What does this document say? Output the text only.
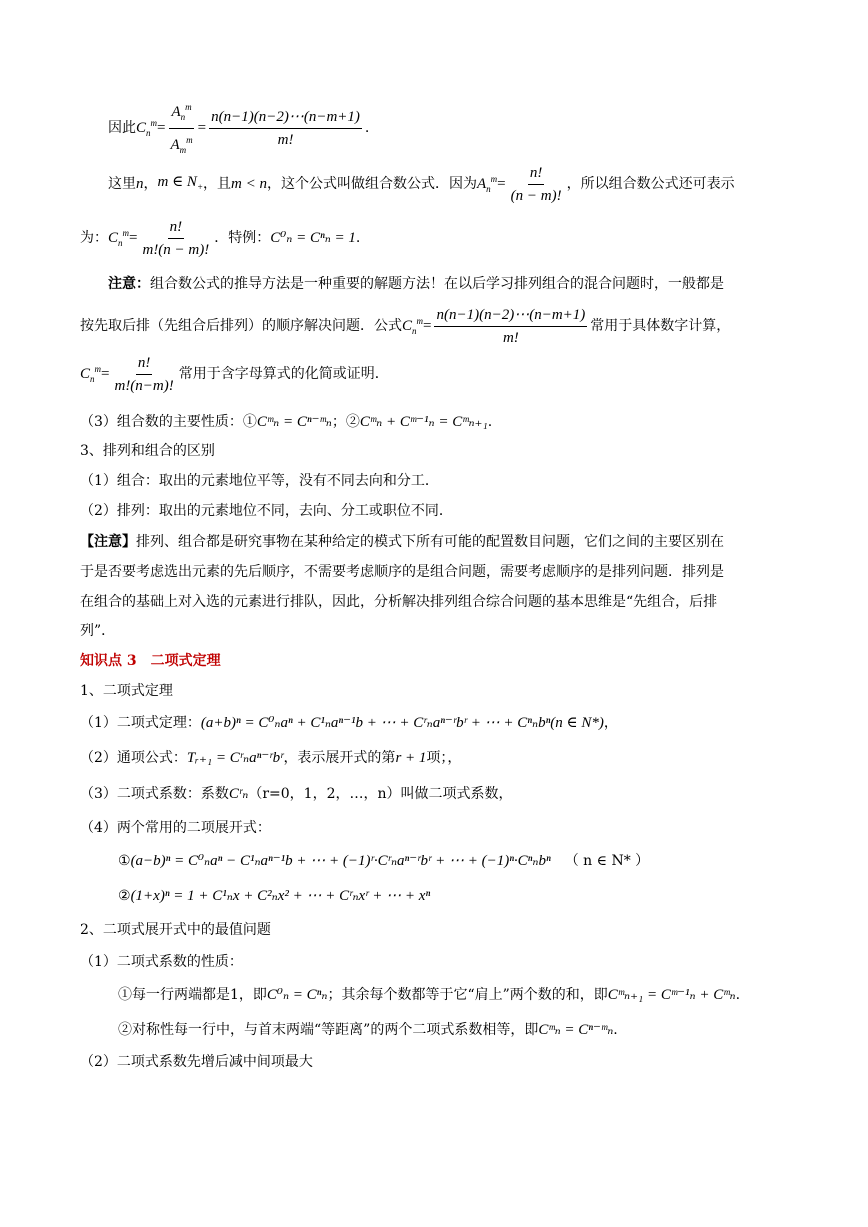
因此 $C_n^m = \frac{A_n^m}{A_m^m} = \frac{n(n-1)(n-2)\cdots(n-m+1)}{m!}$ .
这里 n ， m ∈ $N_+$ ，且 m < n ，这个公式叫做组合数公式．因为 $A_n^m = \frac{n!}{(n - m)!}$ ，所以组合数公式还可表示
为： $C_n^m = \frac{n!}{m!(n - m)!}$ ．特例： C⁰ₙ = Cⁿₙ = 1 .
注意： 组合数公式的推导方法是一种重要的解题方法！在以后学习排列组合的混合问题时，一般都是
按先取后排（先组合后排列）的顺序解决问题．公式 $C_n^m = \frac{n(n-1)(n-2)\cdots(n-m+1)}{m!}$ 常用于具体数字计算，
$C_n^m = \frac{n!}{m!(n-m)!}$ 常用于含字母算式的化简或证明．
（3）组合数的主要性质：① Cᵐₙ = Cⁿ⁻ᵐₙ ；② Cᵐₙ + Cᵐ⁻¹ₙ = Cᵐₙ₊₁ .
3、排列和组合的区别
（1）组合：取出的元素地位平等，没有不同去向和分工．
（2）排列：取出的元素地位不同，去向、分工或职位不同．
【注意】 排列、组合都是研究事物在某种给定的模式下所有可能的配置数目问题，它们之间的主要区别在
于是否要考虑选出元素的先后顺序，不需要考虑顺序的是组合问题，需要考虑顺序的是排列问题．排列是
在组合的基础上对入选的元素进行排队，因此，分析解决排列组合综合问题的基本思维是“先组合，后排
列”．
知识点 3　二项式定理
1、二项式定理
（1）二项式定理： (a+b)ⁿ = C⁰ₙaⁿ + C¹ₙaⁿ⁻¹b + ⋯ + Cʳₙaⁿ⁻ʳbʳ + ⋯ + Cⁿₙbⁿ(n ∈ N*) ，
（2）通项公式： Tᵣ₊₁ = Cʳₙaⁿ⁻ʳbʳ ，表示展开式的第 r + 1 项；，
（3）二项式系数：系数 Cʳₙ （r=0，1，2，…，n）叫做二项式系数，
（4）两个常用的二项展开式：
① (a−b)ⁿ = C⁰ₙaⁿ − C¹ₙaⁿ⁻¹b + ⋯ + (−1)ʳ·Cʳₙaⁿ⁻ʳbʳ + ⋯ + (−1)ⁿ·Cⁿₙbⁿ （ n ∈ N* ）
② (1+x)ⁿ = 1 + C¹ₙx + C²ₙx² + ⋯ + Cʳₙxʳ + ⋯ + xⁿ
2、二项式展开式中的最值问题
（1）二项式系数的性质：
①每一行两端都是1，即 C⁰ₙ = Cⁿₙ ；其余每个数都等于它“肩上”两个数的和，即 Cᵐₙ₊₁ = Cᵐ⁻¹ₙ + Cᵐₙ .
②对称性每一行中，与首末两端“等距离”的两个二项式系数相等，即 Cᵐₙ = Cⁿ⁻ᵐₙ .
（2）二项式系数先增后减中间项最大
